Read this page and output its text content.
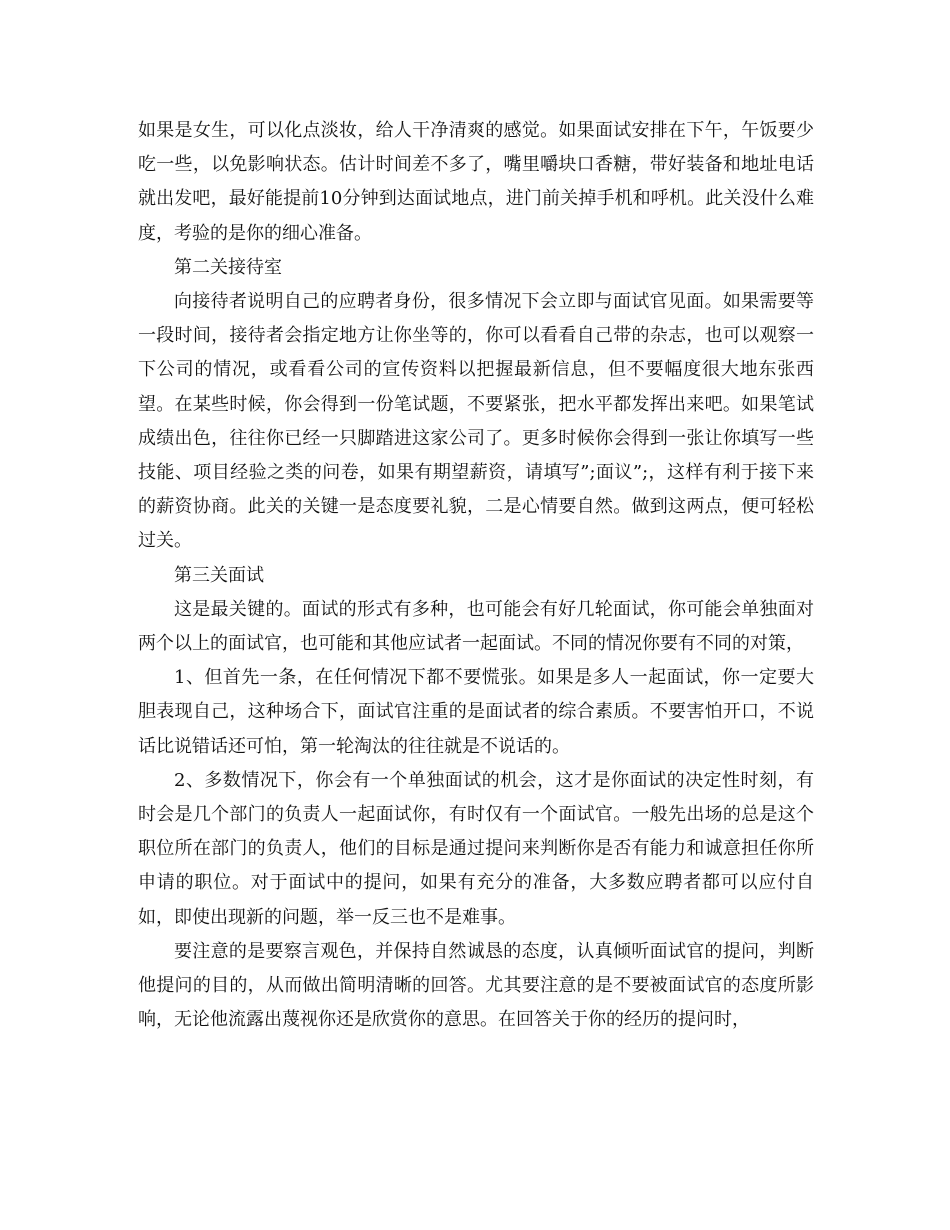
如果是女生，可以化点淡妆，给人干净清爽的感觉。如果面试安排在下午，午饭要少吃一些，以免影响状态。估计时间差不多了，嘴里嚼块口香糖，带好装备和地址电话就出发吧，最好能提前10分钟到达面试地点，进门前关掉手机和呼机。此关没什么难度，考验的是你的细心准备。

第二关接待室

向接待者说明自己的应聘者身份，很多情况下会立即与面试官见面。如果需要等一段时间，接待者会指定地方让你坐等的，你可以看看自己带的杂志，也可以观察一下公司的情况，或看看公司的宣传资料以把握最新信息，但不要幅度很大地东张西望。在某些时候，你会得到一份笔试题，不要紧张，把水平都发挥出来吧。如果笔试成绩出色，往往你已经一只脚踏进这家公司了。更多时候你会得到一张让你填写一些技能、项目经验之类的问卷，如果有期望薪资，请填写”;面议”;，这样有利于接下来的薪资协商。此关的关键一是态度要礼貌，二是心情要自然。做到这两点，便可轻松过关。

第三关面试

这是最关键的。面试的形式有多种，也可能会有好几轮面试，你可能会单独面对两个以上的面试官，也可能和其他应试者一起面试。不同的情况你要有不同的对策，

1、但首先一条，在任何情况下都不要慌张。如果是多人一起面试，你一定要大胆表现自己，这种场合下，面试官注重的是面试者的综合素质。不要害怕开口，不说话比说错话还可怕，第一轮淘汰的往往就是不说话的。

2、多数情况下，你会有一个单独面试的机会，这才是你面试的决定性时刻，有时会是几个部门的负责人一起面试你，有时仅有一个面试官。一般先出场的总是这个职位所在部门的负责人，他们的目标是通过提问来判断你是否有能力和诚意担任你所申请的职位。对于面试中的提问，如果有充分的准备，大多数应聘者都可以应付自如，即使出现新的问题，举一反三也不是难事。

要注意的是要察言观色，并保持自然诚恳的态度，认真倾听面试官的提问，判断他提问的目的，从而做出简明清晰的回答。尤其要注意的是不要被面试官的态度所影响，无论他流露出蔑视你还是欣赏你的意思。在回答关于你的经历的提问时，
